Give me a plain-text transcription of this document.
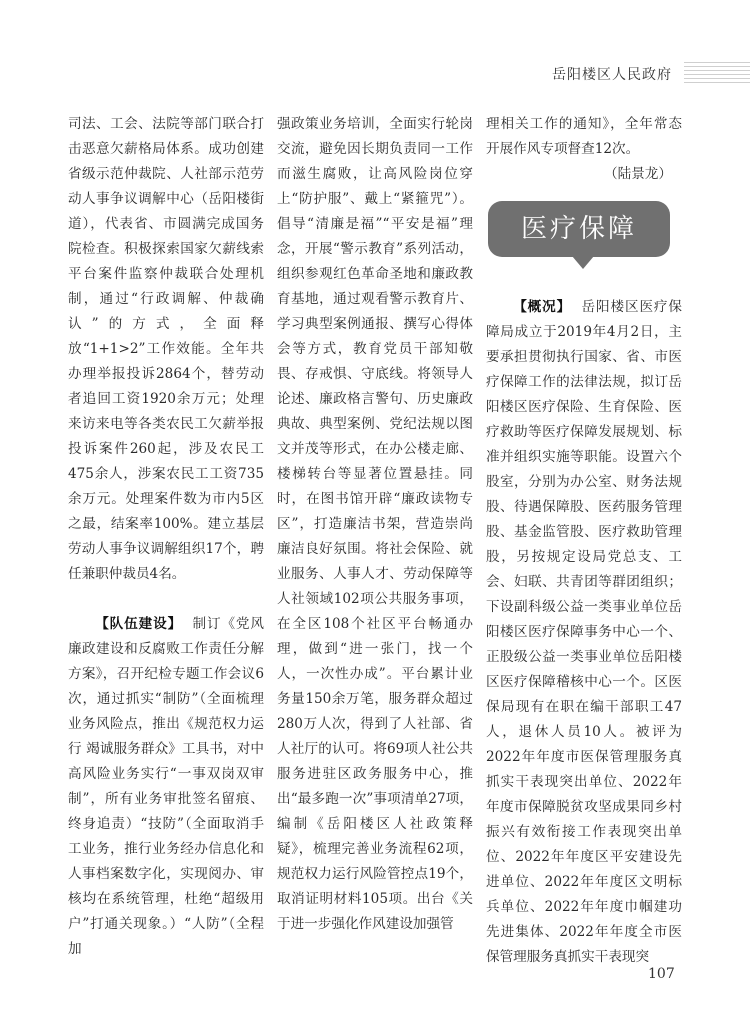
岳阳楼区人民政府

司法、工会、法院等部门联合打击恶意欠薪格局体系。成功创建省级示范仲裁院、人社部示范劳动人事争议调解中心（岳阳楼街道），代表省、市圆满完成国务院检查。积极探索国家欠薪线索平台案件监察仲裁联合处理机制，通过“行政调解、仲裁确认”的方式，全面释放“1+1>2”工作效能。全年共办理举报投诉2864个，替劳动者追回工资1920余万元；处理来访来电等各类农民工欠薪举报投诉案件260起，涉及农民工475余人，涉案农民工工资735余万元。处理案件数为市内5区之最，结案率100%。建立基层劳动人事争议调解组织17个，聘任兼职仲裁员4名。

【队伍建设】 制订《党风廉政建设和反腐败工作责任分解方案》，召开纪检专题工作会议6次，通过抓实“制防”（全面梳理业务风险点，推出《规范权力运行 竭诚服务群众》工具书，对中高风险业务实行“一事双岗双审制”，所有业务审批签名留痕、终身追责）“技防”（全面取消手工业务，推行业务经办信息化和人事档案数字化，实现阅办、审核均在系统管理，杜绝“超级用户”打通关现象。）“人防”（全程加

强政策业务培训，全面实行轮岗交流，避免因长期负责同一工作而滋生腐败，让高风险岗位穿上“防护服”、戴上“紧箍咒”）。倡导“清廉是福”“平安是福”理念，开展“警示教育”系列活动，组织参观红色革命圣地和廉政教育基地，通过观看警示教育片、学习典型案例通报、撰写心得体会等方式，教育党员干部知敬畏、存戒惧、守底线。将领导人论述、廉政格言警句、历史廉政典故、典型案例、党纪法规以图文并茂等形式，在办公楼走廊、楼梯转台等显著位置悬挂。同时，在图书馆开辟“廉政读物专区”，打造廉洁书架，营造崇尚廉洁良好氛围。将社会保险、就业服务、人事人才、劳动保障等人社领域102项公共服务事项，在全区108个社区平台畅通办理，做到“进一张门，找一个人，一次性办成”。平台累计业务量150余万笔，服务群众超过280万人次，得到了人社部、省人社厅的认可。将69项人社公共服务进驻区政务服务中心，推出“最多跑一次”事项清单27项，编制《岳阳楼区人社政策释疑》，梳理完善业务流程62项，规范权力运行风险管控点19个，取消证明材料105项。出台《关于进一步强化作风建设加强管

理相关工作的通知》，全年常态开展作风专项督查12次。

（陆景龙）

医疗保障

【概况】 岳阳楼区医疗保障局成立于2019年4月2日，主要承担贯彻执行国家、省、市医疗保障工作的法律法规，拟订岳阳楼区医疗保险、生育保险、医疗救助等医疗保障发展规划、标准并组织实施等职能。设置六个股室，分别为办公室、财务法规股、待遇保障股、医药服务管理股、基金监管股、医疗救助管理股，另按规定设局党总支、工会、妇联、共青团等群团组织；下设副科级公益一类事业单位岳阳楼区医疗保障事务中心一个、正股级公益一类事业单位岳阳楼区医疗保障稽核中心一个。区医保局现有在职在编干部职工47人，退休人员10人。被评为2022年年度市医保管理服务真抓实干表现突出单位、2022年年度市保障脱贫攻坚成果同乡村振兴有效衔接工作表现突出单位、2022年年度区平安建设先进单位、2022年年度区文明标兵单位、2022年年度巾帼建功先进集体、2022年年度全市医保管理服务真抓实干表现突

107
